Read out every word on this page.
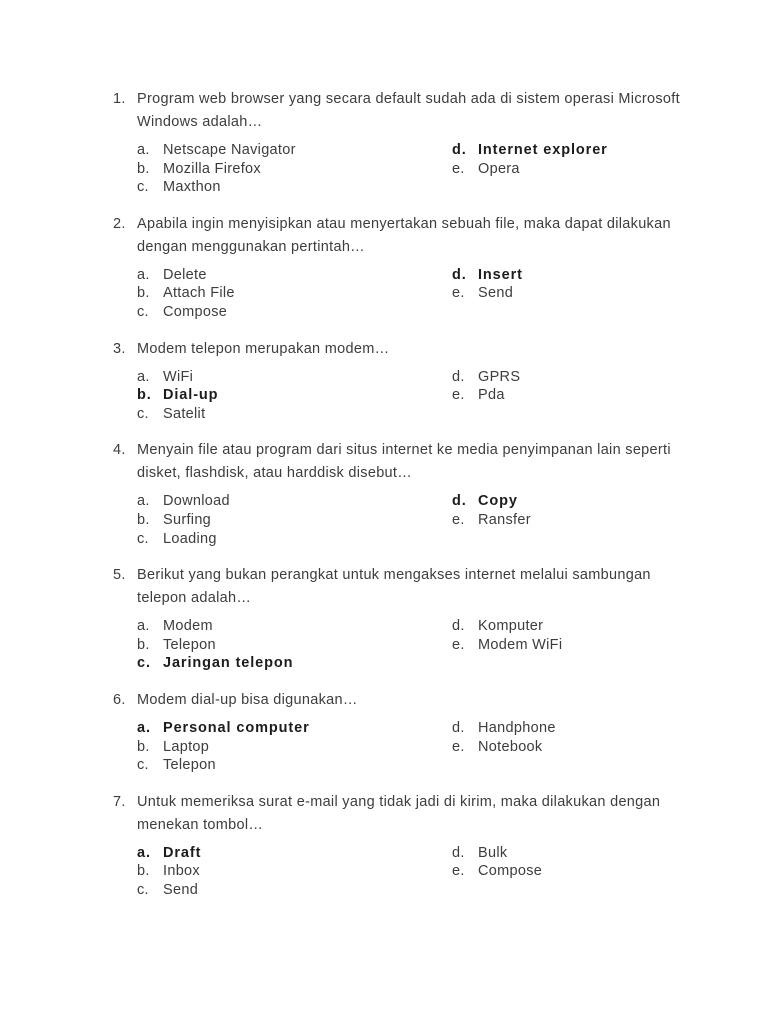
1. Program web browser yang secara default sudah ada di sistem operasi Microsoft Windows adalah…
a. Netscape Navigator
b. Mozilla Firefox
c. Maxthon
d. Internet explorer
e. Opera
2. Apabila ingin menyisipkan atau menyertakan sebuah file, maka dapat dilakukan dengan menggunakan pertintah…
a. Delete
b. Attach File
c. Compose
d. Insert
e. Send
3. Modem telepon merupakan modem…
a. WiFi
b. Dial-up
c. Satelit
d. GPRS
e. Pda
4. Menyain file atau program dari situs internet ke media penyimpanan lain seperti disket, flashdisk, atau harddisk disebut…
a. Download
b. Surfing
c. Loading
d. Copy
e. Ransfer
5. Berikut yang bukan perangkat untuk mengakses internet melalui sambungan telepon adalah…
a. Modem
b. Telepon
c. Jaringan telepon
d. Komputer
e. Modem WiFi
6. Modem dial-up bisa digunakan…
a. Personal computer
b. Laptop
c. Telepon
d. Handphone
e. Notebook
7. Untuk memeriksa surat e-mail yang tidak jadi di kirim, maka dilakukan dengan menekan tombol…
a. Draft
b. Inbox
c. Send
d. Bulk
e. Compose
